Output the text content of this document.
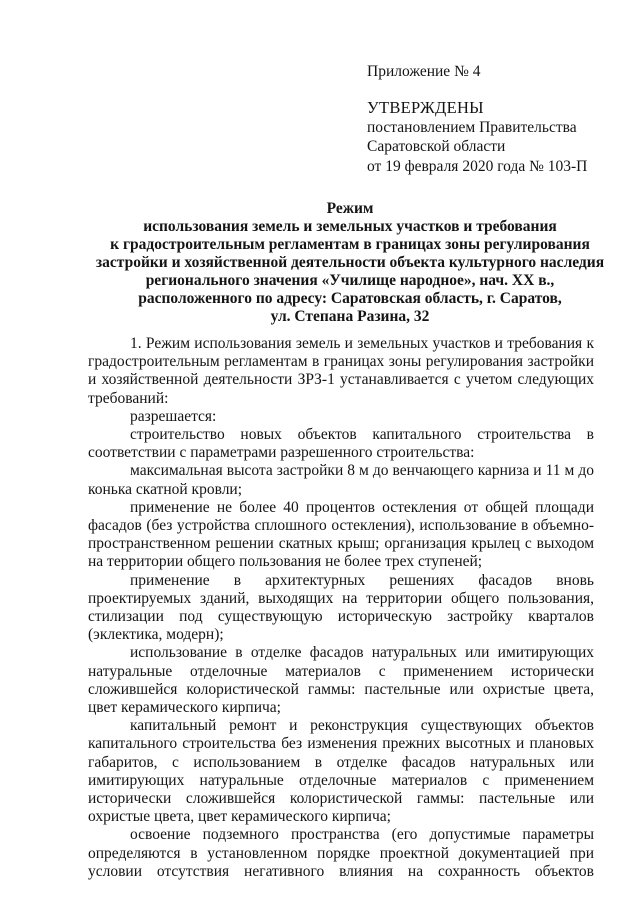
Приложение № 4
УТВЕРЖДЕНЫ
постановлением Правительства
Саратовской области
от 19 февраля 2020 года № 103-П
Режим
использования земель и земельных участков и требования
к градостроительным регламентам в границах зоны регулирования
застройки и хозяйственной деятельности объекта культурного наследия
регионального значения «Училище народное», нач. XX в.,
расположенного по адресу: Саратовская область, г. Саратов,
ул. Степана Разина, 32

1. Режим использования земель и земельных участков и требования к градостроительным регламентам в границах зоны регулирования застройки и хозяйственной деятельности ЗРЗ-1 устанавливается с учетом следующих требований:

разрешается:

строительство новых объектов капитального строительства в соответствии с параметрами разрешенного строительства:

максимальная высота застройки 8 м до венчающего карниза и 11 м до конька скатной кровли;

применение не более 40 процентов остекления от общей площади фасадов (без устройства сплошного остекления), использование в объемно-пространственном решении скатных крыш; организация крылец с выходом на территории общего пользования не более трех ступеней;

применение в архитектурных решениях фасадов вновь проектируемых зданий, выходящих на территории общего пользования, стилизации под существующую историческую застройку кварталов (эклектика, модерн);

использование в отделке фасадов натуральных или имитирующих натуральные отделочные материалов с применением исторически сложившейся колористической гаммы: пастельные или охристые цвета, цвет керамического кирпича;

капитальный ремонт и реконструкция существующих объектов капитального строительства без изменения прежних высотных и плановых габаритов, с использованием в отделке фасадов натуральных или имитирующих натуральные отделочные материалов с применением исторически сложившейся колористической гаммы: пастельные или охристые цвета, цвет керамического кирпича;

освоение подземного пространства (его допустимые параметры определяются в установленном порядке проектной документацией при условии отсутствия негативного влияния на сохранность объектов
